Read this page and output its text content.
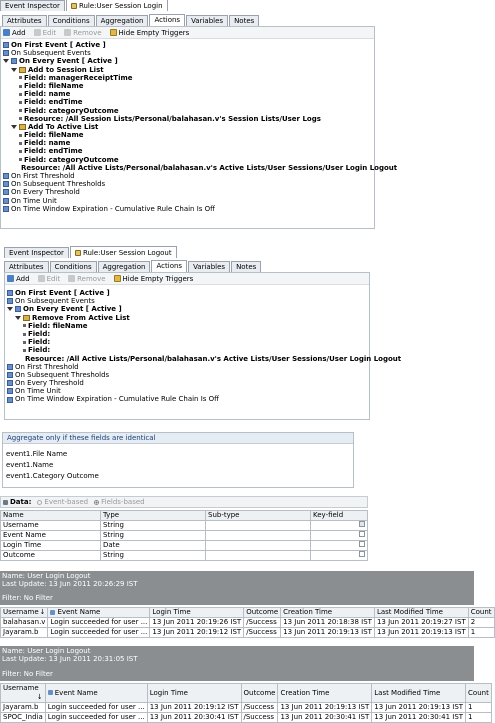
Event Inspector	Rule:User Session Login
Attributes	Conditions	Aggregation	Actions	Variables	Notes
Add Edit Remove Hide Empty Triggers
On First Event [ Active ]
On Subsequent Events
On Every Event [ Active ]
Add to Session List
Field: managerReceiptTime
Field: fileName
Field: name
Field: endTime
Field: categoryOutcome
Resource: /All Session Lists/Personal/balahasan.v's Session Lists/User Logs
Add To Active List
Field: fileName
Field: name
Field: endTime
Field: categoryOutcome
Resource: /All Active Lists/Personal/balahasan.v's Active Lists/User Sessions/User Login Logout
On First Threshold
On Subsequent Thresholds
On Every Threshold
On Time Unit
On Time Window Expiration - Cumulative Rule Chain Is Off
Event Inspector	Rule:User Session Logout
Attributes	Conditions	Aggregation	Actions	Variables	Notes
Add Edit Remove Hide Empty Triggers
On First Event [ Active ]
On Subsequent Events
On Every Event [ Active ]
Remove From Active List
Field: fileName
Field:
Field:
Field:
Resource: /All Active Lists/Personal/balahasan.v's Active Lists/User Sessions/User Login Logout
On First Threshold
On Subsequent Thresholds
On Every Threshold
On Time Unit
On Time Window Expiration - Cumulative Rule Chain Is Off
Aggregate only if these fields are identical
event1.File Name
event1.Name
event1.Category Outcome
Data: Event-based Fields-based
Name	Type	Sub-type	Key-field
Username	String		
Event Name	String		
Login Time	Date		
Outcome	String		
Name: User Login Logout
Last Update: 13 Jun 2011 20:26:29 IST
Filter: No Filter
Username ↓	Event Name	Login Time	Outcome	Creation Time	Last Modified Time	Count
balahasan.v	Login succeeded for user ...	13 Jun 2011 20:19:26 IST	/Success	13 Jun 2011 20:18:38 IST	13 Jun 2011 20:19:27 IST	2
Jayaram.b	Login succeeded for user ...	13 Jun 2011 20:19:12 IST	/Success	13 Jun 2011 20:19:13 IST	13 Jun 2011 20:19:13 IST	1
Name: User Login Logout
Last Update: 13 Jun 2011 20:31:05 IST
Filter: No Filter
Username
↓	Event Name	Login Time	Outcome	Creation Time	Last Modified Time	Count
Jayaram.b	Login succeeded for user ...	13 Jun 2011 20:19:12 IST	/Success	13 Jun 2011 20:19:13 IST	13 Jun 2011 20:19:13 IST	1
SPOC_India	Login succeeded for user ...	13 Jun 2011 20:30:41 IST	/Success	13 Jun 2011 20:30:41 IST	13 Jun 2011 20:30:41 IST	1
